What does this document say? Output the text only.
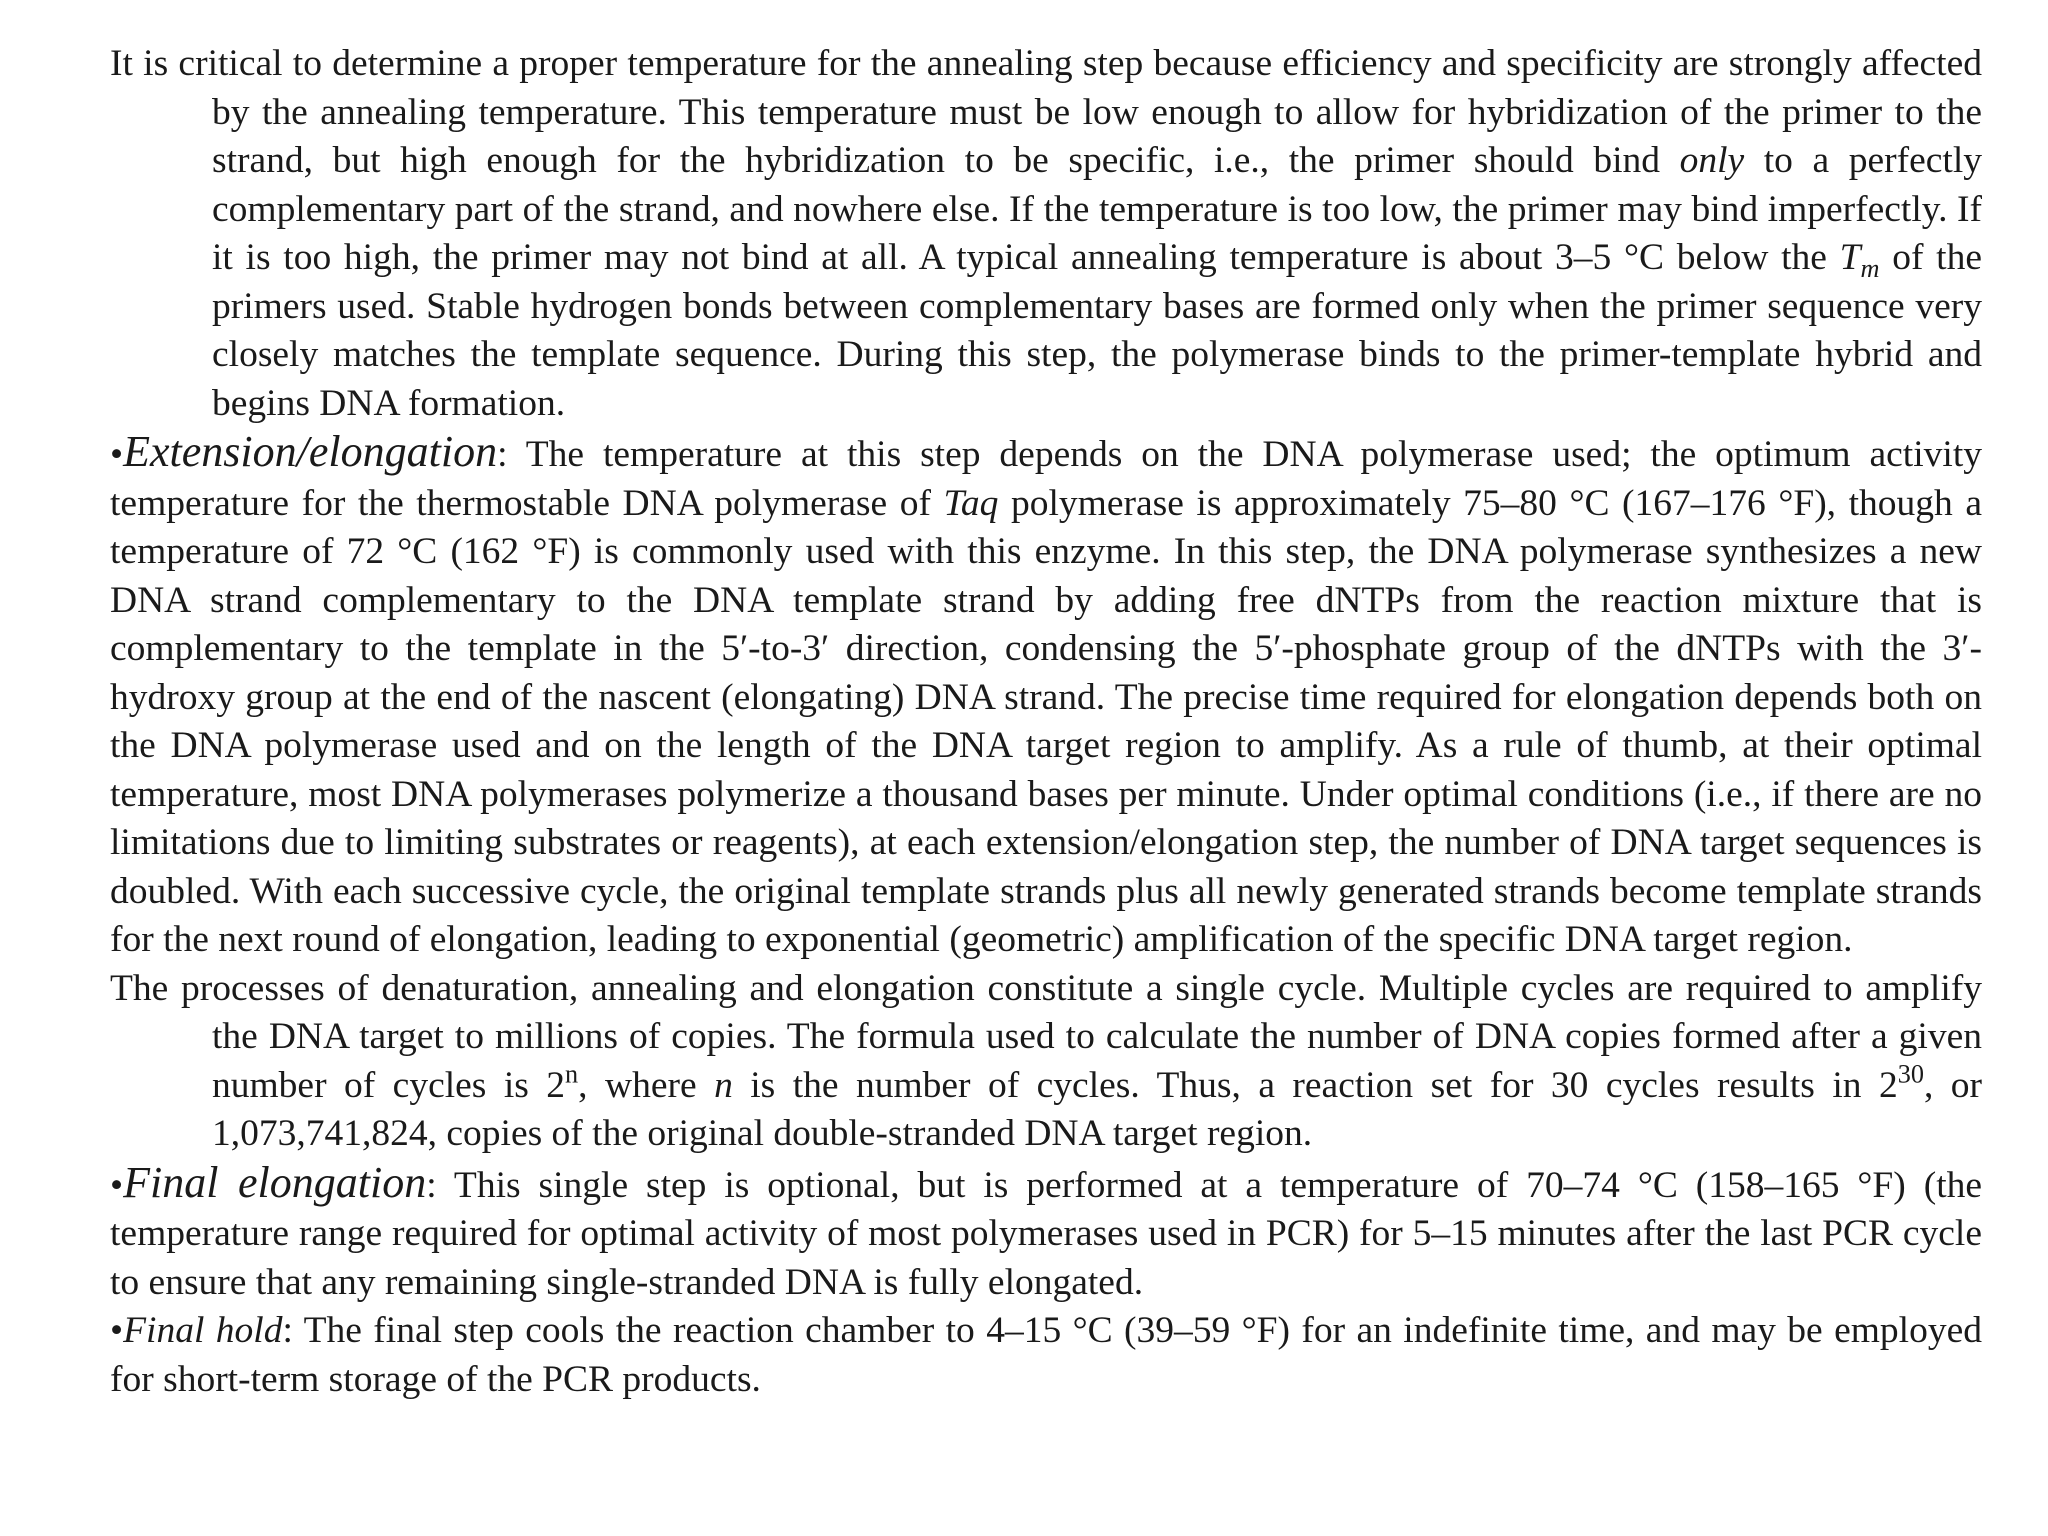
It is critical to determine a proper temperature for the annealing step because efficiency and specificity are strongly affected by the annealing temperature. This temperature must be low enough to allow for hybridization of the primer to the strand, but high enough for the hybridization to be specific, i.e., the primer should bind only to a perfectly complementary part of the strand, and nowhere else. If the temperature is too low, the primer may bind imperfectly. If it is too high, the primer may not bind at all. A typical annealing temperature is about 3–5 °C below the $T_m$ of the primers used. Stable hydrogen bonds between complementary bases are formed only when the primer sequence very closely matches the template sequence. During this step, the polymerase binds to the primer-template hybrid and begins DNA formation.

•Extension/elongation: The temperature at this step depends on the DNA polymerase used; the optimum activity temperature for the thermostable DNA polymerase of Taq polymerase is approximately 75–80 °C (167–176 °F), though a temperature of 72 °C (162 °F) is commonly used with this enzyme. In this step, the DNA polymerase synthesizes a new DNA strand complementary to the DNA template strand by adding free dNTPs from the reaction mixture that is complementary to the template in the 5′-to-3′ direction, condensing the 5′-phosphate group of the dNTPs with the 3′-hydroxy group at the end of the nascent (elongating) DNA strand. The precise time required for elongation depends both on the DNA polymerase used and on the length of the DNA target region to amplify. As a rule of thumb, at their optimal temperature, most DNA polymerases polymerize a thousand bases per minute. Under optimal conditions (i.e., if there are no limitations due to limiting substrates or reagents), at each extension/elongation step, the number of DNA target sequences is doubled. With each successive cycle, the original template strands plus all newly generated strands become template strands for the next round of elongation, leading to exponential (geometric) amplification of the specific DNA target region.

The processes of denaturation, annealing and elongation constitute a single cycle. Multiple cycles are required to amplify the DNA target to millions of copies. The formula used to calculate the number of DNA copies formed after a given number of cycles is 2$^n$, where n is the number of cycles. Thus, a reaction set for 30 cycles results in $2^{30}$, or 1,073,741,824, copies of the original double-stranded DNA target region.

•Final elongation: This single step is optional, but is performed at a temperature of 70–74 °C (158–165 °F) (the temperature range required for optimal activity of most polymerases used in PCR) for 5–15 minutes after the last PCR cycle to ensure that any remaining single-stranded DNA is fully elongated.

•Final hold: The final step cools the reaction chamber to 4–15 °C (39–59 °F) for an indefinite time, and may be employed for short-term storage of the PCR products.
